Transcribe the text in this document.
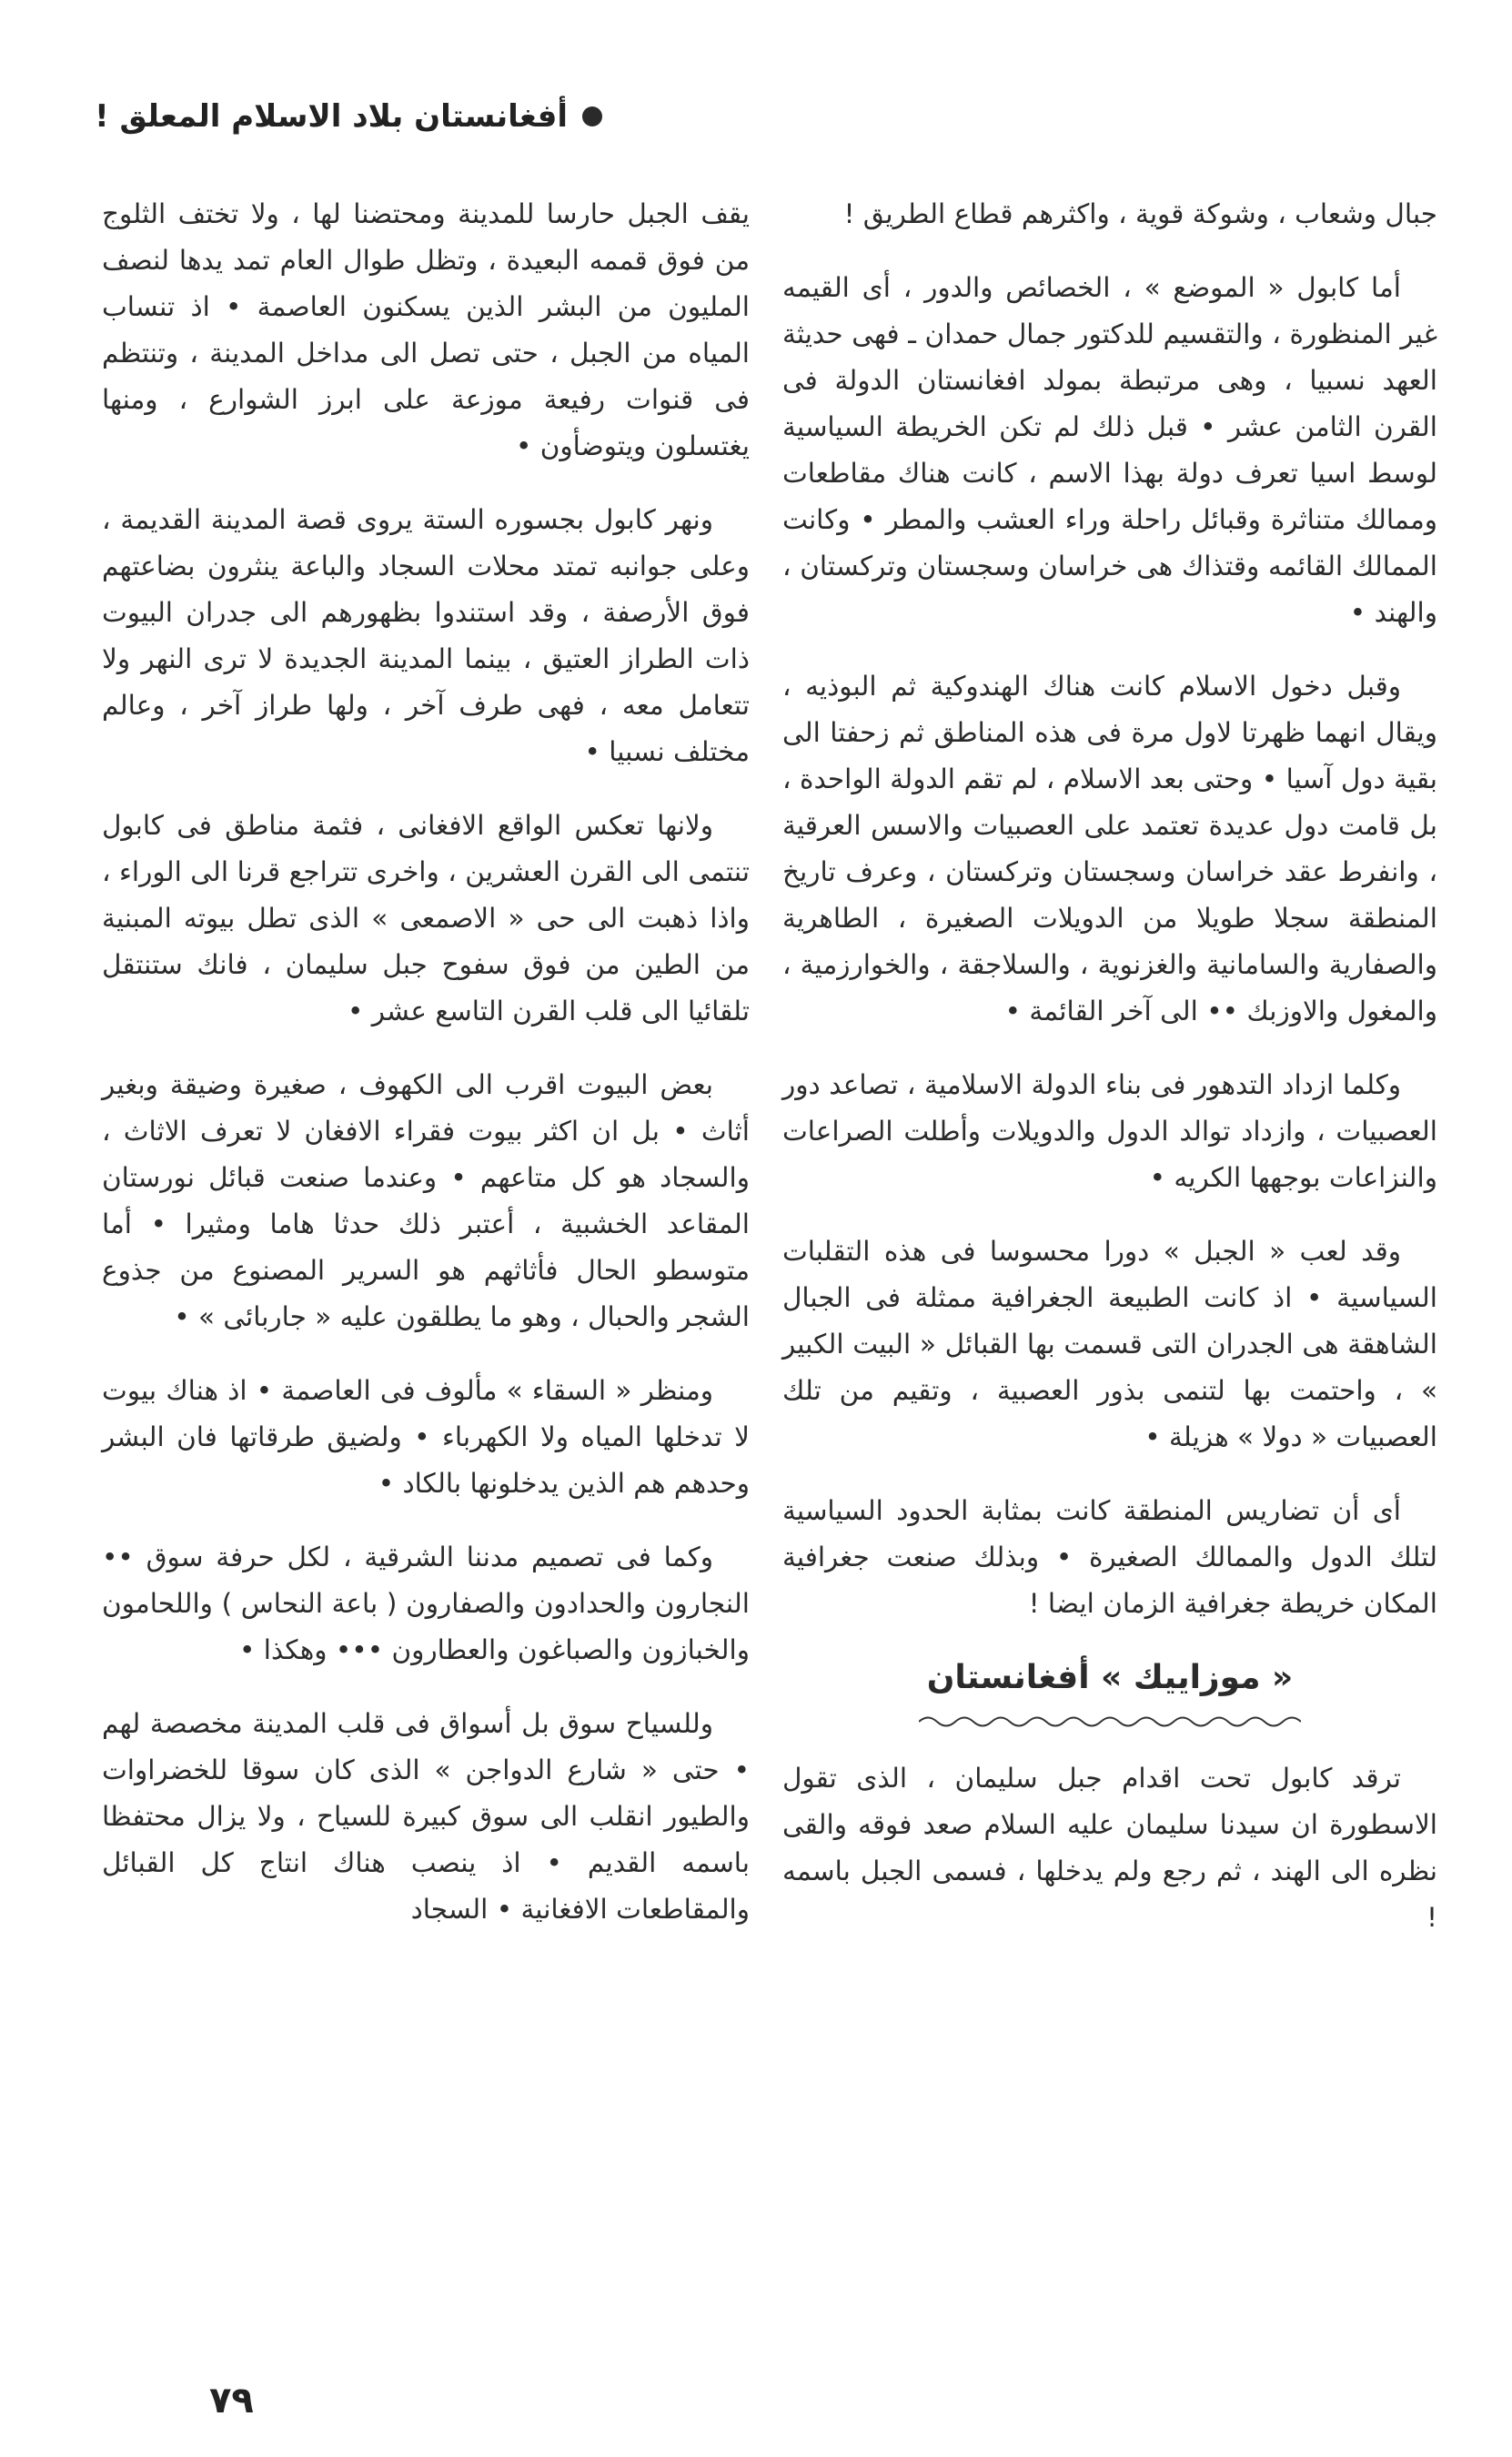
أفغانستان بلاد الاسلام المعلق !

جبال وشعاب ، وشوكة قوية ، واكثرهم قطاع الطريق !

أما كابول « الموضع » ، الخصائص والدور ، أى القيمه غير المنظورة ، والتقسيم للدكتور جمال حمدان ـ فهى حديثة العهد نسبيا ، وهى مرتبطة بمولد افغانستان الدولة فى القرن الثامن عشر • قبل ذلك لم تكن الخريطة السياسية لوسط اسيا تعرف دولة بهذا الاسم ، كانت هناك مقاطعات وممالك متناثرة وقبائل راحلة وراء العشب والمطر • وكانت الممالك القائمه وقتذاك هى خراسان وسجستان وتركستان ، والهند •

وقبل دخول الاسلام كانت هناك الهندوكية ثم البوذيه ، ويقال انهما ظهرتا لاول مرة فى هذه المناطق ثم زحفتا الى بقية دول آسيا • وحتى بعد الاسلام ، لم تقم الدولة الواحدة ، بل قامت دول عديدة تعتمد على العصبيات والاسس العرقية ، وانفرط عقد خراسان وسجستان وتركستان ، وعرف تاريخ المنطقة سجلا طويلا من الدويلات الصغيرة ، الطاهرية والصفارية والسامانية والغزنوية ، والسلاجقة ، والخوارزمية ، والمغول والاوزبك •• الى آخر القائمة •

وكلما ازداد التدهور فى بناء الدولة الاسلامية ، تصاعد دور العصبيات ، وازداد توالد الدول والدويلات وأطلت الصراعات والنزاعات بوجهها الكريه •

وقد لعب « الجبل » دورا محسوسا فى هذه التقلبات السياسية • اذ كانت الطبيعة الجغرافية ممثلة فى الجبال الشاهقة هى الجدران التى قسمت بها القبائل « البيت الكبير » ، واحتمت بها لتنمى بذور العصبية ، وتقيم من تلك العصبيات « دولا » هزيلة •

أى أن تضاريس المنطقة كانت بمثابة الحدود السياسية لتلك الدول والممالك الصغيرة • وبذلك صنعت جغرافية المكان خريطة جغرافية الزمان ايضا !

« موزاييك » أفغانستان

ترقد كابول تحت اقدام جبل سليمان ، الذى تقول الاسطورة ان سيدنا سليمان عليه السلام صعد فوقه والقى نظره الى الهند ، ثم رجع ولم يدخلها ، فسمى الجبل باسمه !

يقف الجبل حارسا للمدينة ومحتضنا لها ، ولا تختف الثلوج من فوق قممه البعيدة ، وتظل طوال العام تمد يدها لنصف المليون من البشر الذين يسكنون العاصمة • اذ تنساب المياه من الجبل ، حتى تصل الى مداخل المدينة ، وتنتظم فى قنوات رفيعة موزعة على ابرز الشوارع ، ومنها يغتسلون ويتوضأون •

ونهر كابول بجسوره الستة يروى قصة المدينة القديمة ، وعلى جوانبه تمتد محلات السجاد والباعة ينثرون بضاعتهم فوق الأرصفة ، وقد استندوا بظهورهم الى جدران البيوت ذات الطراز العتيق ، بينما المدينة الجديدة لا ترى النهر ولا تتعامل معه ، فهى طرف آخر ، ولها طراز آخر ، وعالم مختلف نسبيا •

ولانها تعكس الواقع الافغانى ، فثمة مناطق فى كابول تنتمى الى القرن العشرين ، واخرى تتراجع قرنا الى الوراء ، واذا ذهبت الى حى « الاصمعى » الذى تطل بيوته المبنية من الطين من فوق سفوح جبل سليمان ، فانك ستنتقل تلقائيا الى قلب القرن التاسع عشر •

بعض البيوت اقرب الى الكهوف ، صغيرة وضيقة وبغير أثاث • بل ان اكثر بيوت فقراء الافغان لا تعرف الاثاث ، والسجاد هو كل متاعهم • وعندما صنعت قبائل نورستان المقاعد الخشبية ، أعتبر ذلك حدثا هاما ومثيرا • أما متوسطو الحال فأثاثهم هو السرير المصنوع من جذوع الشجر والحبال ، وهو ما يطلقون عليه « جاربائى » •

ومنظر « السقاء » مألوف فى العاصمة • اذ هناك بيوت لا تدخلها المياه ولا الكهرباء • ولضيق طرقاتها فان البشر وحدهم هم الذين يدخلونها بالكاد •

وكما فى تصميم مدننا الشرقية ، لكل حرفة سوق •• النجارون والحدادون والصفارون ( باعة النحاس ) واللحامون والخبازون والصباغون والعطارون ••• وهكذا •

وللسياح سوق بل أسواق فى قلب المدينة مخصصة لهم • حتى « شارع الدواجن » الذى كان سوقا للخضراوات والطيور انقلب الى سوق كبيرة للسياح ، ولا يزال محتفظا باسمه القديم • اذ ينصب هناك انتاج كل القبائل والمقاطعات الافغانية • السجاد

٧٩
